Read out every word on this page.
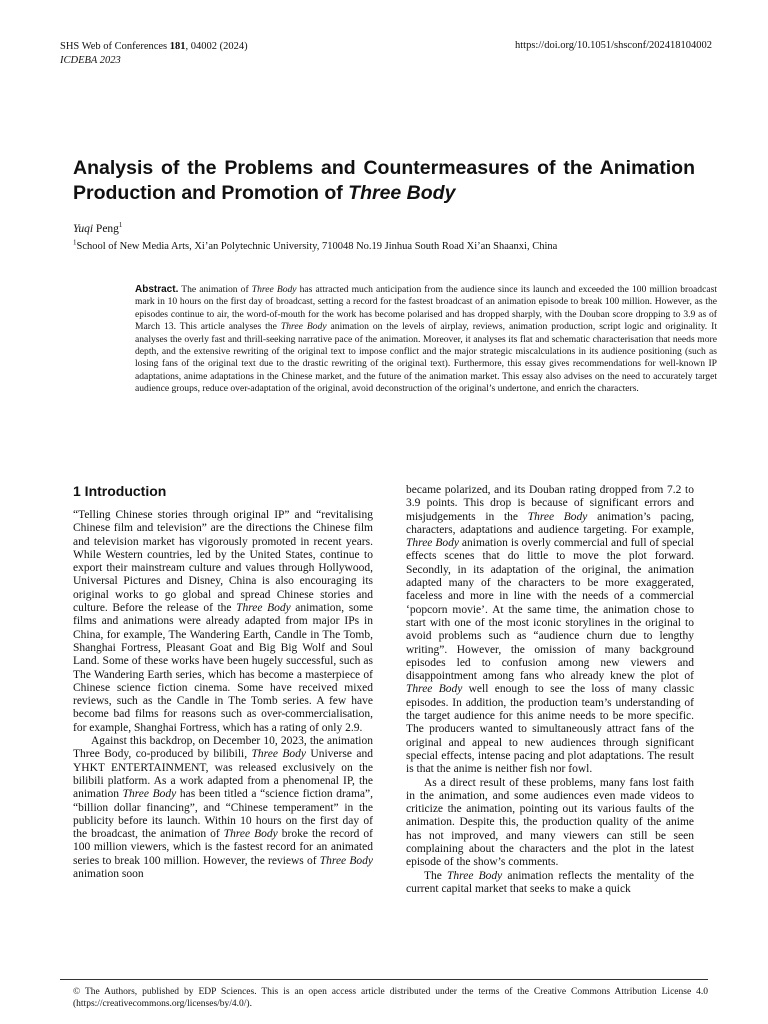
SHS Web of Conferences 181, 04002 (2024)
ICDEBA 2023
https://doi.org/10.1051/shsconf/202418104002
Analysis of the Problems and Countermeasures of the Animation Production and Promotion of Three Body
Yuqi Peng$^1$
$^1$School of New Media Arts, Xi’an Polytechnic University, 710048 No.19 Jinhua South Road Xi’an Shaanxi, China

Abstract. The animation of Three Body has attracted much anticipation from the audience since its launch and exceeded the 100 million broadcast mark in 10 hours on the first day of broadcast, setting a record for the fastest broadcast of an animation episode to break 100 million. However, as the episodes continue to air, the word-of-mouth for the work has become polarised and has dropped sharply, with the Douban score dropping to 3.9 as of March 13. This article analyses the Three Body animation on the levels of airplay, reviews, animation production, script logic and originality. It analyses the overly fast and thrill-seeking narrative pace of the animation. Moreover, it analyses its flat and schematic characterisation that needs more depth, and the extensive rewriting of the original text to impose conflict and the major strategic miscalculations in its audience positioning (such as losing fans of the original text due to the drastic rewriting of the original text). Furthermore, this essay gives recommendations for well-known IP adaptations, anime adaptations in the Chinese market, and the future of the animation market. This essay also advises on the need to accurately target audience groups, reduce over-adaptation of the original, avoid deconstruction of the original’s undertone, and enrich the characters.

1 Introduction

“Telling Chinese stories through original IP” and “revitalising Chinese film and television” are the directions the Chinese film and television market has vigorously promoted in recent years. While Western countries, led by the United States, continue to export their mainstream culture and values through Hollywood, Universal Pictures and Disney, China is also encouraging its original works to go global and spread Chinese stories and culture. Before the release of the Three Body animation, some films and animations were already adapted from major IPs in China, for example, The Wandering Earth, Candle in The Tomb, Shanghai Fortress, Pleasant Goat and Big Big Wolf and Soul Land. Some of these works have been hugely successful, such as The Wandering Earth series, which has become a masterpiece of Chinese science fiction cinema. Some have received mixed reviews, such as the Candle in The Tomb series. A few have become bad films for reasons such as over-commercialisation, for example, Shanghai Fortress, which has a rating of only 2.9.

Against this backdrop, on December 10, 2023, the animation Three Body, co-produced by bilibili, Three Body Universe and YHKT ENTERTAINMENT, was released exclusively on the bilibili platform. As a work adapted from a phenomenal IP, the animation Three Body has been titled a “science fiction drama”, “billion dollar financing”, and “Chinese temperament” in the publicity before its launch. Within 10 hours on the first day of the broadcast, the animation of Three Body broke the record of 100 million viewers, which is the fastest record for an animated series to break 100 million. However, the reviews of Three Body animation soon

became polarized, and its Douban rating dropped from 7.2 to 3.9 points. This drop is because of significant errors and misjudgements in the Three Body animation’s pacing, characters, adaptations and audience targeting. For example, Three Body animation is overly commercial and full of special effects scenes that do little to move the plot forward. Secondly, in its adaptation of the original, the animation adapted many of the characters to be more exaggerated, faceless and more in line with the needs of a commercial ‘popcorn movie’. At the same time, the animation chose to start with one of the most iconic storylines in the original to avoid problems such as “audience churn due to lengthy writing”. However, the omission of many background episodes led to confusion among new viewers and disappointment among fans who already knew the plot of Three Body well enough to see the loss of many classic episodes. In addition, the production team’s understanding of the target audience for this anime needs to be more specific. The producers wanted to simultaneously attract fans of the original and appeal to new audiences through significant special effects, intense pacing and plot adaptations. The result is that the anime is neither fish nor fowl.

As a direct result of these problems, many fans lost faith in the animation, and some audiences even made videos to criticize the animation, pointing out its various faults of the animation. Despite this, the production quality of the anime has not improved, and many viewers can still be seen complaining about the characters and the plot in the latest episode of the show’s comments.

The Three Body animation reflects the mentality of the current capital market that seeks to make a quick

© The Authors, published by EDP Sciences. This is an open access article distributed under the terms of the Creative Commons Attribution License 4.0 (https://creativecommons.org/licenses/by/4.0/).
